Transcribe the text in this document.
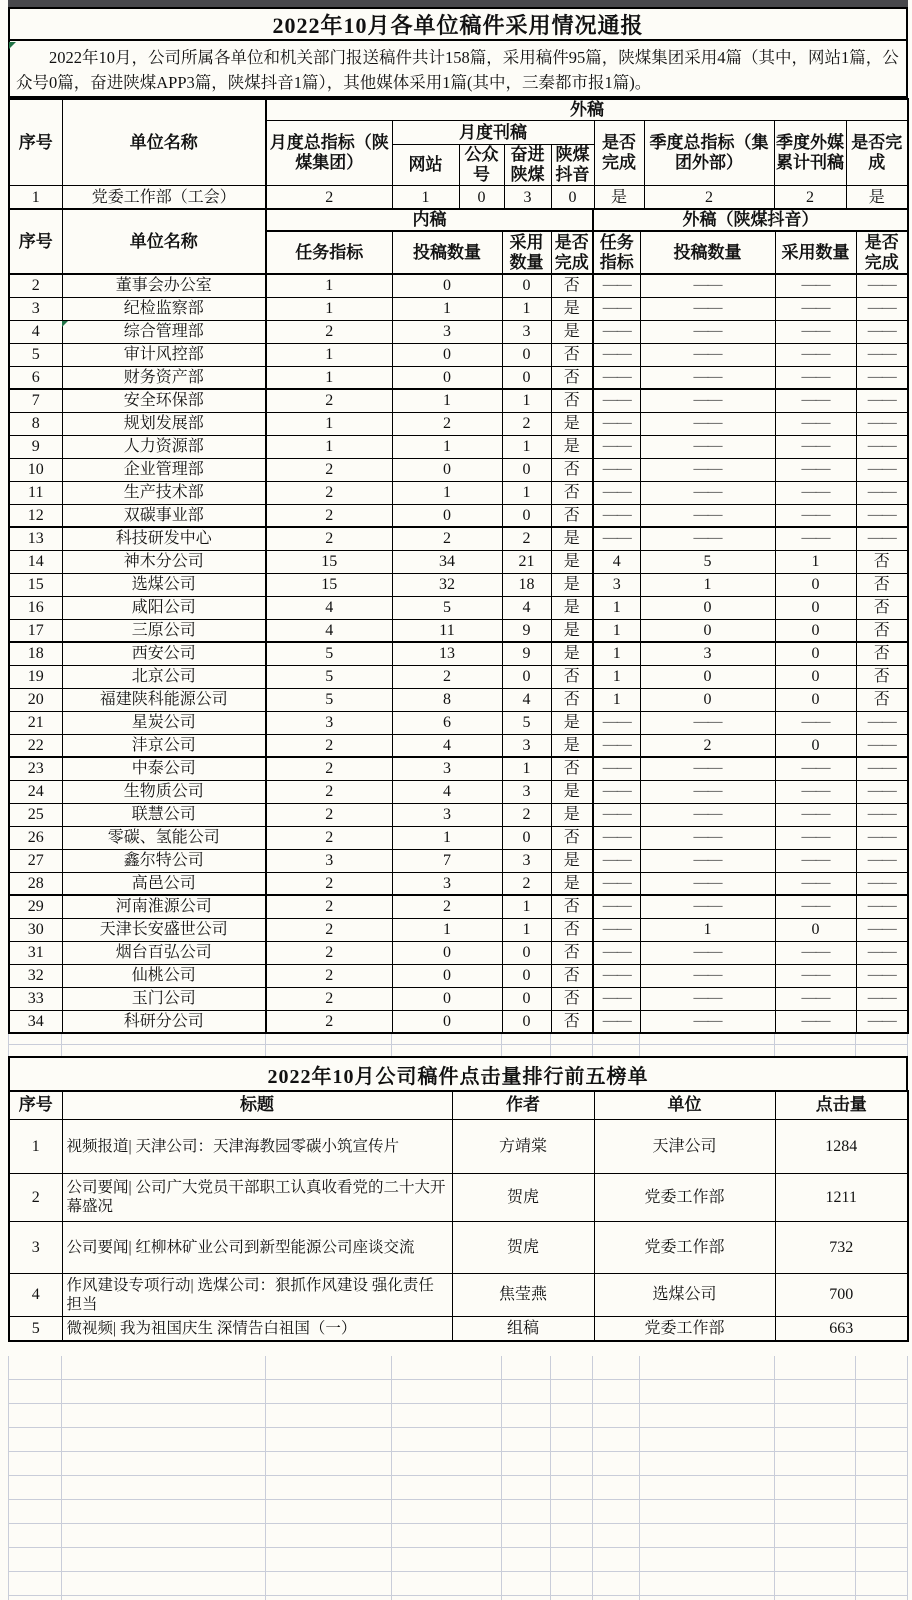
2022年10月各单位稿件采用情况通报
2022年10月，公司所属各单位和机关部门报送稿件共计158篇，采用稿件95篇，陕煤集团采用4篇（其中，网站1篇，公众号0篇，奋进陕煤APP3篇，陕煤抖音1篇），其他媒体采用1篇(其中，三秦都市报1篇)。
序号	单位名称	外稿								
		月度总指标（陕煤集团）	月度刊稿				是否完成	季度总指标（集团外部）	季度外媒累计刊稿	是否完成
			网站	公众号	奋进陕煤	陕煤抖音				
1	党委工作部（工会）	2	1	0	3	0	是	2	2	是
序号	单位名称	内稿				外稿（陕煤抖音）			
		任务指标	投稿数量	采用数量	是否完成	任务指标	投稿数量	采用数量	是否完成
2	董事会办公室	1	0	0	否	——	——	——	——
3	纪检监察部	1	1	1	是	——	——	——	——
4	综合管理部	2	3	3	是	——	——	——	——
5	审计风控部	1	0	0	否	——	——	——	——
6	财务资产部	1	0	0	否	——	——	——	——
7	安全环保部	2	1	1	否	——	——	——	——
8	规划发展部	1	2	2	是	——	——	——	——
9	人力资源部	1	1	1	是	——	——	——	——
10	企业管理部	2	0	0	否	——	——	——	——
11	生产技术部	2	1	1	否	——	——	——	——
12	双碳事业部	2	0	0	否	——	——	——	——
13	科技研发中心	2	2	2	是	——	——	——	——
14	神木分公司	15	34	21	是	4	5	1	否
15	选煤公司	15	32	18	是	3	1	0	否
16	咸阳公司	4	5	4	是	1	0	0	否
17	三原公司	4	11	9	是	1	0	0	否
18	西安公司	5	13	9	是	1	3	0	否
19	北京公司	5	2	0	否	1	0	0	否
20	福建陕科能源公司	5	8	4	否	1	0	0	否
21	星炭公司	3	6	5	是	——	——	——	——
22	沣京公司	2	4	3	是	——	2	0	——
23	中泰公司	2	3	1	否	——	——	——	——
24	生物质公司	2	4	3	是	——	——	——	——
25	联慧公司	2	3	2	是	——	——	——	——
26	零碳、氢能公司	2	1	0	否	——	——	——	——
27	鑫尔特公司	3	7	3	是	——	——	——	——
28	高邑公司	2	3	2	是	——	——	——	——
29	河南淮源公司	2	2	1	否	——	——	——	——
30	天津长安盛世公司	2	1	1	否	——	1	0	——
31	烟台百弘公司	2	0	0	否	——	——	——	——
32	仙桃公司	2	0	0	否	——	——	——	——
33	玉门公司	2	0	0	否	——	——	——	——
34	科研分公司	2	0	0	否	——	——	——	——
2022年10月公司稿件点击量排行前五榜单
序号	标题	作者	单位	点击量
1	视频报道| 天津公司：天津海教园零碳小筑宣传片	方靖棠	天津公司	1284
2	公司要闻| 公司广大党员干部职工认真收看党的二十大开幕盛况	贺虎	党委工作部	1211
3	公司要闻| 红柳林矿业公司到新型能源公司座谈交流	贺虎	党委工作部	732
4	作风建设专项行动| 选煤公司：狠抓作风建设 强化责任担当	焦莹燕	选煤公司	700
5	微视频| 我为祖国庆生 深情告白祖国（一）	组稿	党委工作部	663
